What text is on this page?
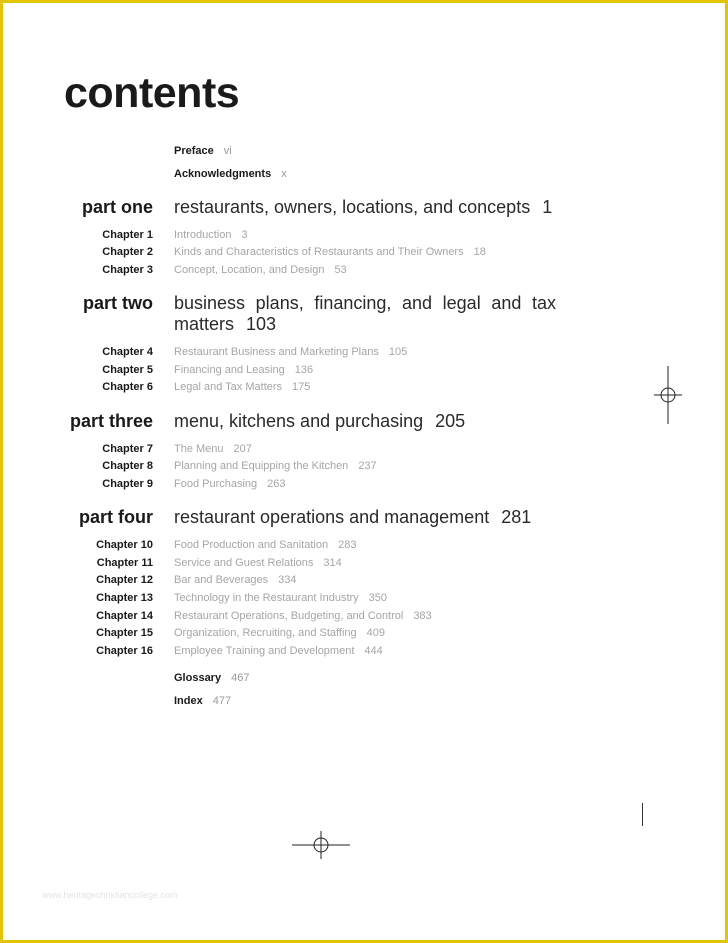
contents
Preface vi
Acknowledgments x
part one restaurants, owners, locations, and concepts 1
Chapter 1 Introduction 3
Chapter 2 Kinds and Characteristics of Restaurants and Their Owners 18
Chapter 3 Concept, Location, and Design 53
part two business plans, financing, and legal and tax matters 103
Chapter 4 Restaurant Business and Marketing Plans 105
Chapter 5 Financing and Leasing 136
Chapter 6 Legal and Tax Matters 175
part three menu, kitchens and purchasing 205
Chapter 7 The Menu 207
Chapter 8 Planning and Equipping the Kitchen 237
Chapter 9 Food Purchasing 263
part four restaurant operations and management 281
Chapter 10 Food Production and Sanitation 283
Chapter 11 Service and Guest Relations 314
Chapter 12 Bar and Beverages 334
Chapter 13 Technology in the Restaurant Industry 350
Chapter 14 Restaurant Operations, Budgeting, and Control 383
Chapter 15 Organization, Recruiting, and Staffing 409
Chapter 16 Employee Training and Development 444
Glossary 467
Index 477
www.heritagechristiancollege.com
